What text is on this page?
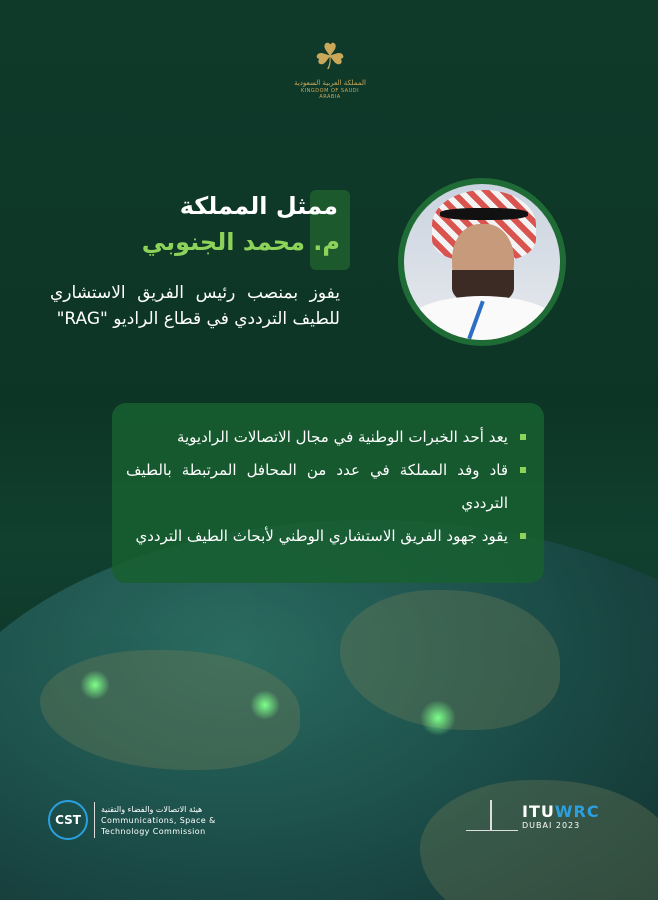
☘
المملكة العربية السعودية
KINGDOM OF SAUDI ARABIA
ممثل المملكة
م. محمد الجنوبي
يفوز بمنصب رئيس الفريق الاستشاري للطيف الترددي في قطاع الراديو "RAG"
يعد أحد الخبرات الوطنية في مجال الاتصالات الراديوية
قاد وفد المملكة في عدد من المحافل المرتبطة بالطيف الترددي
يقود جهود الفريق الاستشاري الوطني لأبحاث الطيف الترددي
CST
هيئة الاتصالات والفضاء والتقنية
Communications, Space &
Technology Commission
ITUWRC
DUBAI 2023
